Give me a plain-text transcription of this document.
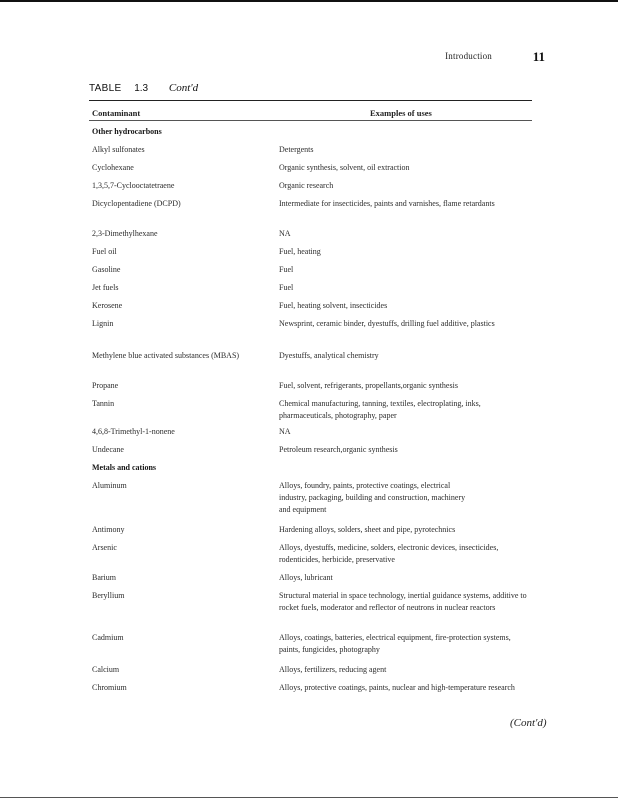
Introduction	11
TABLE 1.3 Cont'd
Contaminant	Examples of uses
Other hydrocarbons
Alkyl sulfonates	Detergents
Cyclohexane	Organic synthesis, solvent, oil extraction
1,3,5,7-Cyclooctatetraene	Organic research
Dicyclopentadiene (DCPD)	Intermediate for insecticides, paints and varnishes, flame retardants
2,3-Dimethylhexane	NA
Fuel oil	Fuel, heating
Gasoline	Fuel
Jet fuels	Fuel
Kerosene	Fuel, heating solvent, insecticides
Lignin	Newsprint, ceramic binder, dyestuffs, drilling fuel additive, plastics
Methylene blue activated substances (MBAS)	Dyestuffs, analytical chemistry
Propane	Fuel, solvent, refrigerants, propellants,organic synthesis
Tannin	Chemical manufacturing, tanning, textiles, electroplating, inks, pharmaceuticals, photography, paper
4,6,8-Trimethyl-1-nonene	NA
Undecane	Petroleum research,organic synthesis
Metals and cations
Aluminum	Alloys, foundry, paints, protective coatings, electrical
industry, packaging, building and construction, machinery
and equipment
Antimony	Hardening alloys, solders, sheet and pipe, pyrotechnics
Arsenic	Alloys, dyestuffs, medicine, solders, electronic devices, insecticides, rodenticides, herbicide, preservative
Barium	Alloys, lubricant
Beryllium	Structural material in space technology, inertial guidance systems, additive to rocket fuels, moderator and reflector of neutrons in nuclear reactors
Cadmium	Alloys, coatings, batteries, electrical equipment, fire-protection systems, paints, fungicides, photography
Calcium	Alloys, fertilizers, reducing agent
Chromium	Alloys, protective coatings, paints, nuclear and high-temperature research
(Cont'd)
